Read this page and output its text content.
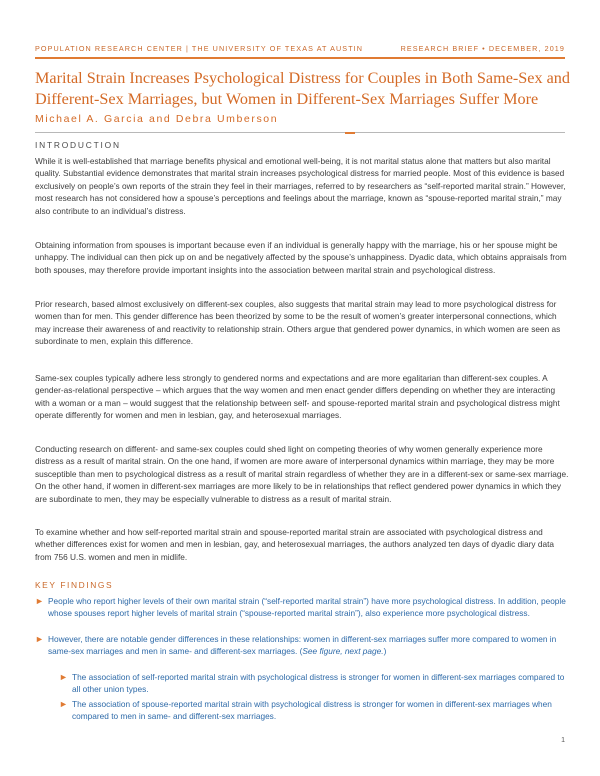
POPULATION RESEARCH CENTER | THE UNIVERSITY OF TEXAS AT AUSTIN	RESEARCH BRIEF • DECEMBER, 2019
Marital Strain Increases Psychological Distress for Couples in Both Same-Sex and Different-Sex Marriages, but Women in Different-Sex Marriages Suffer More
Michael A. Garcia and Debra Umberson
INTRODUCTION

While it is well-established that marriage benefits physical and emotional well-being, it is not marital status alone that matters but also marital quality. Substantial evidence demonstrates that marital strain increases psychological distress for married people. Most of this evidence is based exclusively on people’s own reports of the strain they feel in their marriages, referred to by researchers as “self-reported marital strain.” However, most research has not considered how a spouse’s perceptions and feelings about the marriage, known as “spouse-reported marital strain,” may also contribute to an individual’s distress.

Obtaining information from spouses is important because even if an individual is generally happy with the marriage, his or her spouse might be unhappy. The individual can then pick up on and be negatively affected by the spouse’s unhappiness. Dyadic data, which obtains appraisals from both spouses, may therefore provide important insights into the association between marital strain and psychological distress.

Prior research, based almost exclusively on different-sex couples, also suggests that marital strain may lead to more psychological distress for women than for men. This gender difference has been theorized by some to be the result of women’s greater interpersonal connections, which may increase their awareness of and reactivity to relationship strain. Others argue that gendered power dynamics, in which women are seen as subordinate to men, explain this difference.

Same-sex couples typically adhere less strongly to gendered norms and expectations and are more egalitarian than different-sex couples. A gender-as-relational perspective – which argues that the way women and men enact gender differs depending on whether they are interacting with a woman or a man – would suggest that the relationship between self- and spouse-reported marital strain and psychological distress might operate differently for women and men in lesbian, gay, and heterosexual marriages.

Conducting research on different- and same-sex couples could shed light on competing theories of why women generally experience more distress as a result of marital strain. On the one hand, if women are more aware of interpersonal dynamics within marriage, they may be more susceptible than men to psychological distress as a result of marital strain regardless of whether they are in a different-sex or same-sex marriage. On the other hand, if women in different-sex marriages are more likely to be in relationships that reflect gendered power dynamics in which they are subordinate to men, they may be especially vulnerable to distress as a result of marital strain.

To examine whether and how self-reported marital strain and spouse-reported marital strain are associated with psychological distress and whether differences exist for women and men in lesbian, gay, and heterosexual marriages, the authors analyzed ten days of dyadic diary data from 756 U.S. women and men in midlife.

KEY FINDINGS
► People who report higher levels of their own marital strain (“self-reported marital strain”) have more psychological distress. In addition, people whose spouses report higher levels of marital strain (“spouse-reported marital strain”), also experience more psychological distress.
► However, there are notable gender differences in these relationships: women in different-sex marriages suffer more compared to women in same-sex marriages and men in same- and different-sex marriages. (See figure, next page.)
► The association of self-reported marital strain with psychological distress is stronger for women in different-sex marriages compared to all other union types.
► The association of spouse-reported marital strain with psychological distress is stronger for women in different-sex marriages when compared to men in same- and different-sex marriages.
1
